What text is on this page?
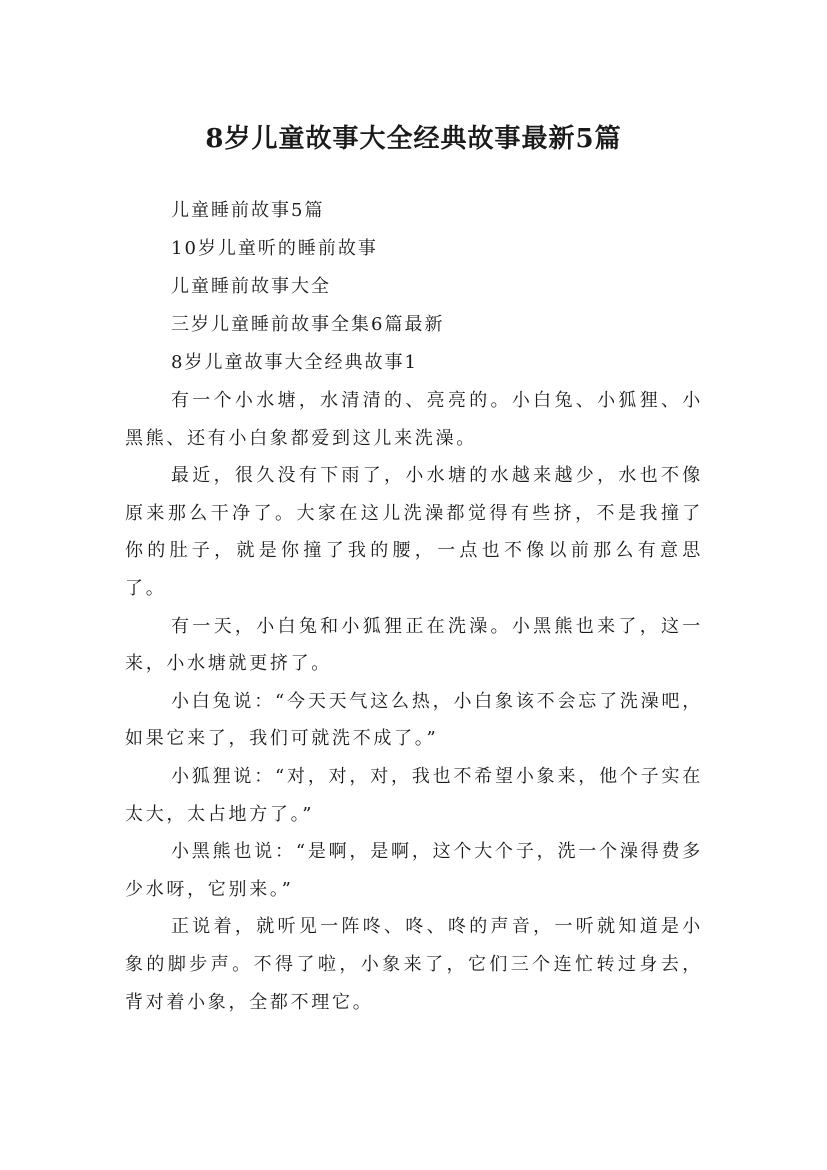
8岁儿童故事大全经典故事最新5篇

儿童睡前故事5篇

10岁儿童听的睡前故事

儿童睡前故事大全

三岁儿童睡前故事全集6篇最新

8岁儿童故事大全经典故事1

有一个小水塘，水清清的、亮亮的。小白兔、小狐狸、小黑熊、还有小白象都爱到这儿来洗澡。

最近，很久没有下雨了，小水塘的水越来越少，水也不像原来那么干净了。大家在这儿洗澡都觉得有些挤，不是我撞了你的肚子，就是你撞了我的腰，一点也不像以前那么有意思了。

有一天，小白兔和小狐狸正在洗澡。小黑熊也来了，这一来，小水塘就更挤了。

小白兔说：“今天天气这么热，小白象该不会忘了洗澡吧，如果它来了，我们可就洗不成了。”

小狐狸说：“对，对，对，我也不希望小象来，他个子实在太大，太占地方了。”

小黑熊也说：“是啊，是啊，这个大个子，洗一个澡得费多少水呀，它别来。”

正说着，就听见一阵咚、咚、咚的声音，一听就知道是小象的脚步声。不得了啦，小象来了，它们三个连忙转过身去，背对着小象，全都不理它。
